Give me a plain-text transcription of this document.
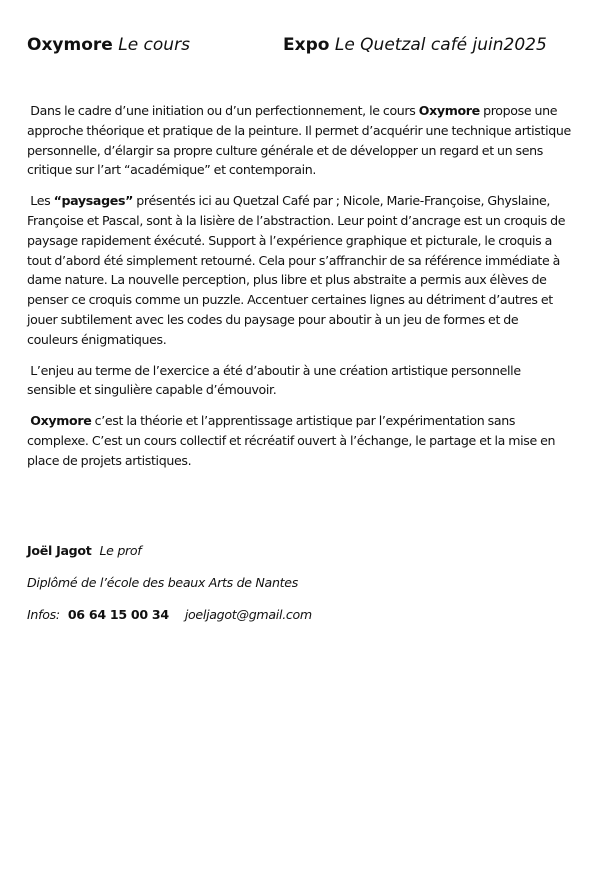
Oxymore Le cours	Expo Le Quetzal café juin2025

Dans le cadre d’une initiation ou d’un perfectionnement, le cours Oxymore propose une approche théorique et pratique de la peinture. Il permet d’acquérir une technique artistique personnelle, d’élargir sa propre culture générale et de développer un regard et un sens critique sur l’art “académique” et contemporain.

Les “paysages” présentés ici au Quetzal Café par ; Nicole, Marie-Françoise, Ghyslaine, Françoise et Pascal, sont à la lisière de l’abstraction. Leur point d’ancrage est un croquis de paysage rapidement éxécuté. Support à l’expérience graphique et picturale, le croquis a tout d’abord été simplement retourné. Cela pour s’affranchir de sa référence immédiate à dame nature. La nouvelle perception, plus libre et plus abstraite a permis aux élèves de penser ce croquis comme un puzzle. Accentuer certaines lignes au détriment d’autres et jouer subtilement avec les codes du paysage pour aboutir à un jeu de formes et de couleurs énigmatiques.

L’enjeu au terme de l’exercice a été d’aboutir à une création artistique personnelle sensible et singulière capable d’émouvoir.

Oxymore c’est la théorie et l’apprentissage artistique par l’expérimentation sans complexe. C’est un cours collectif et récréatif ouvert à l’échange, le partage et la mise en place de projets artistiques.

Joël Jagot Le prof
Diplômé de l’école des beaux Arts de Nantes
Infos: 06 64 15 00 34 joeljagot@gmail.com
